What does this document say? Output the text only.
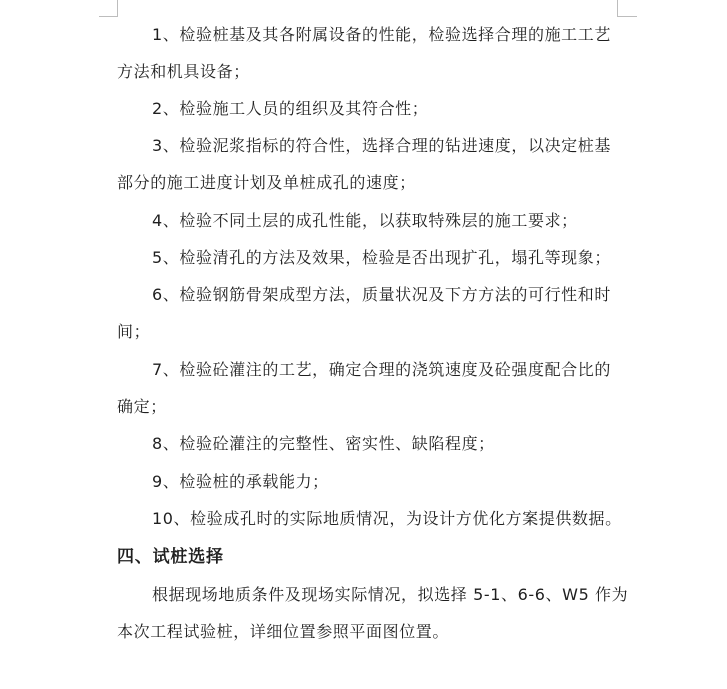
1、检验桩基及其各附属设备的性能，检验选择合理的施工工艺
方法和机具设备；
2、检验施工人员的组织及其符合性；
3、检验泥浆指标的符合性，选择合理的钻进速度，以决定桩基
部分的施工进度计划及单桩成孔的速度；
4、检验不同土层的成孔性能，以获取特殊层的施工要求；
5、检验清孔的方法及效果，检验是否出现扩孔，塌孔等现象；
6、检验钢筋骨架成型方法，质量状况及下方方法的可行性和时
间；
7、检验砼灌注的工艺，确定合理的浇筑速度及砼强度配合比的
确定；
8、检验砼灌注的完整性、密实性、缺陷程度；
9、检验桩的承载能力；
10、检验成孔时的实际地质情况，为设计方优化方案提供数据。
四、试桩选择
根据现场地质条件及现场实际情况，拟选择 5-1、6-6、W5 作为
本次工程试验桩，详细位置参照平面图位置。
